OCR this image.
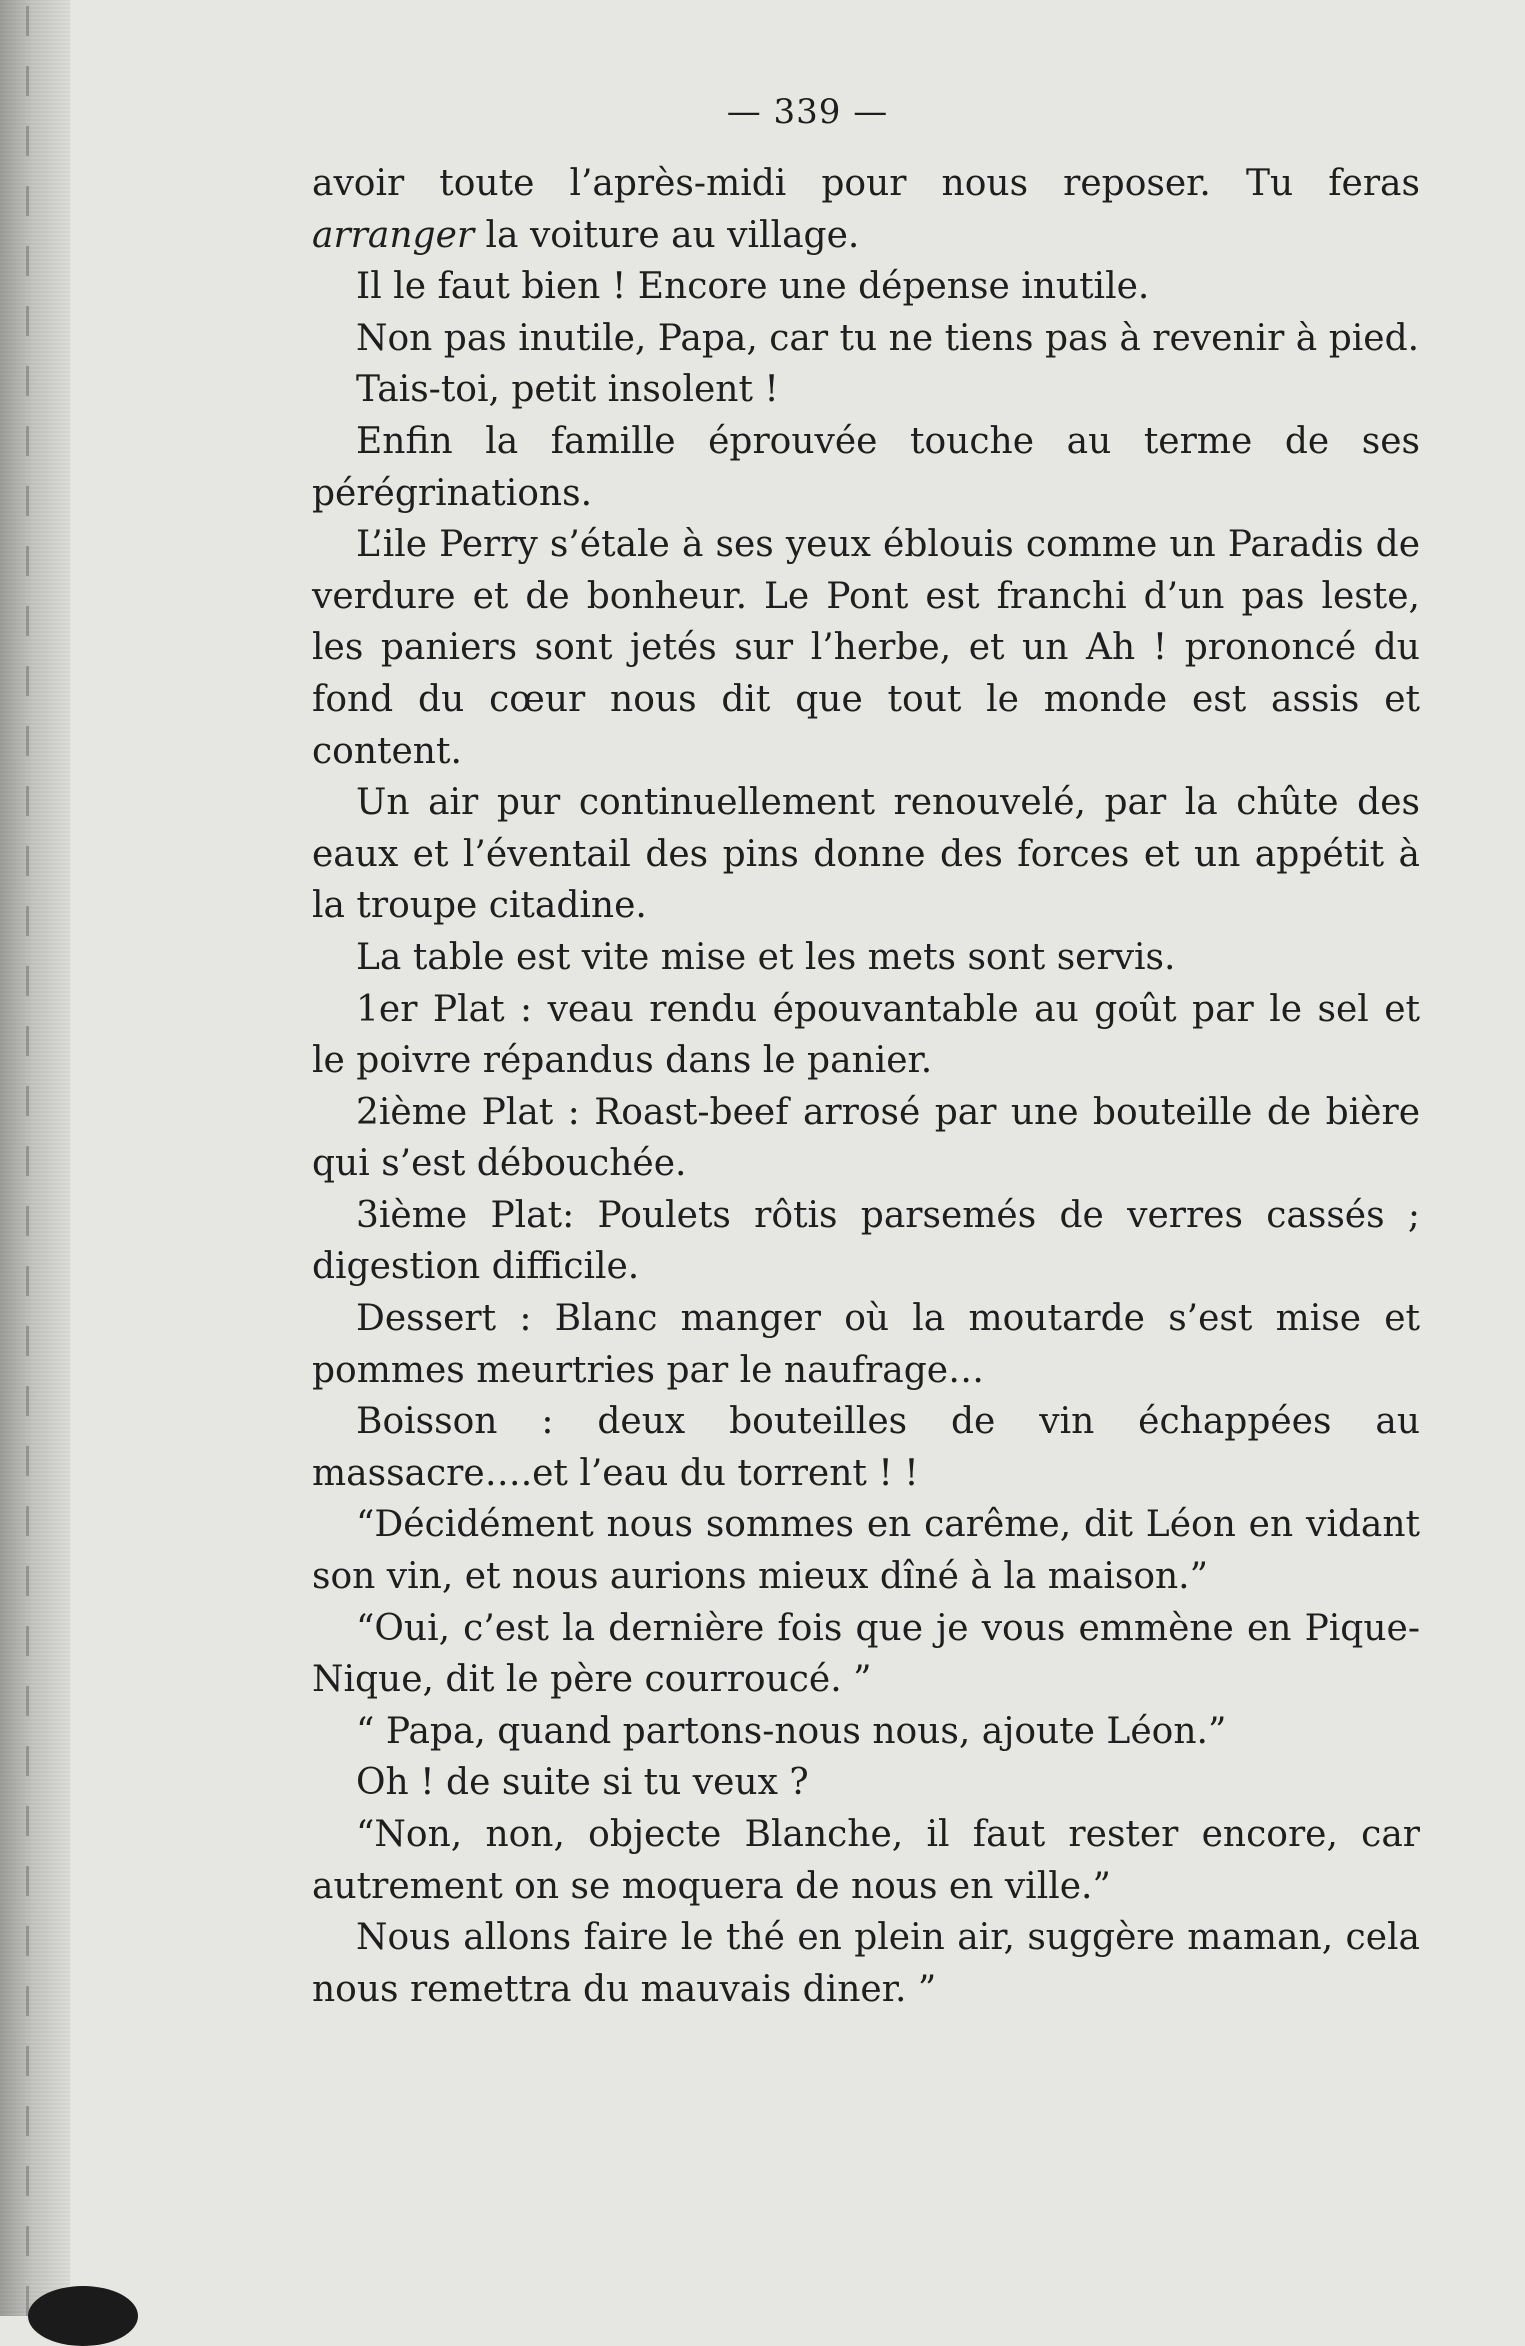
— 339 —

avoir toute l’après-midi pour nous reposer. Tu feras arranger la voiture au village.

Il le faut bien ! Encore une dépense inutile.

Non pas inutile, Papa, car tu ne tiens pas à revenir à pied.

Tais-toi, petit insolent !

Enfin la famille éprouvée touche au terme de ses pérégrinations.

L’ile Perry s’étale à ses yeux éblouis comme un Paradis de verdure et de bonheur. Le Pont est franchi d’un pas leste, les paniers sont jetés sur l’herbe, et un Ah ! prononcé du fond du cœur nous dit que tout le monde est assis et content.

Un air pur continuellement renouvelé, par la chûte des eaux et l’éventail des pins donne des forces et un appétit à la troupe citadine.

La table est vite mise et les mets sont servis.

1er Plat : veau rendu épouvantable au goût par le sel et le poivre répandus dans le panier.

2ième Plat : Roast-beef arrosé par une bouteille de bière qui s’est débouchée.

3ième Plat: Poulets rôtis parsemés de verres cassés ; digestion difficile.

Dessert : Blanc manger où la moutarde s’est mise et pommes meurtries par le naufrage…

Boisson : deux bouteilles de vin échappées au massacre….et l’eau du torrent ! !

“Décidément nous sommes en carême, dit Léon en vidant son vin, et nous aurions mieux dîné à la maison.”

“Oui, c’est la dernière fois que je vous emmène en Pique-Nique, dit le père courroucé. ”

“ Papa, quand partons-nous nous, ajoute Léon.”

Oh ! de suite si tu veux ?

“Non, non, objecte Blanche, il faut rester encore, car autrement on se moquera de nous en ville.”

Nous allons faire le thé en plein air, suggère maman, cela nous remettra du mauvais diner. ”
